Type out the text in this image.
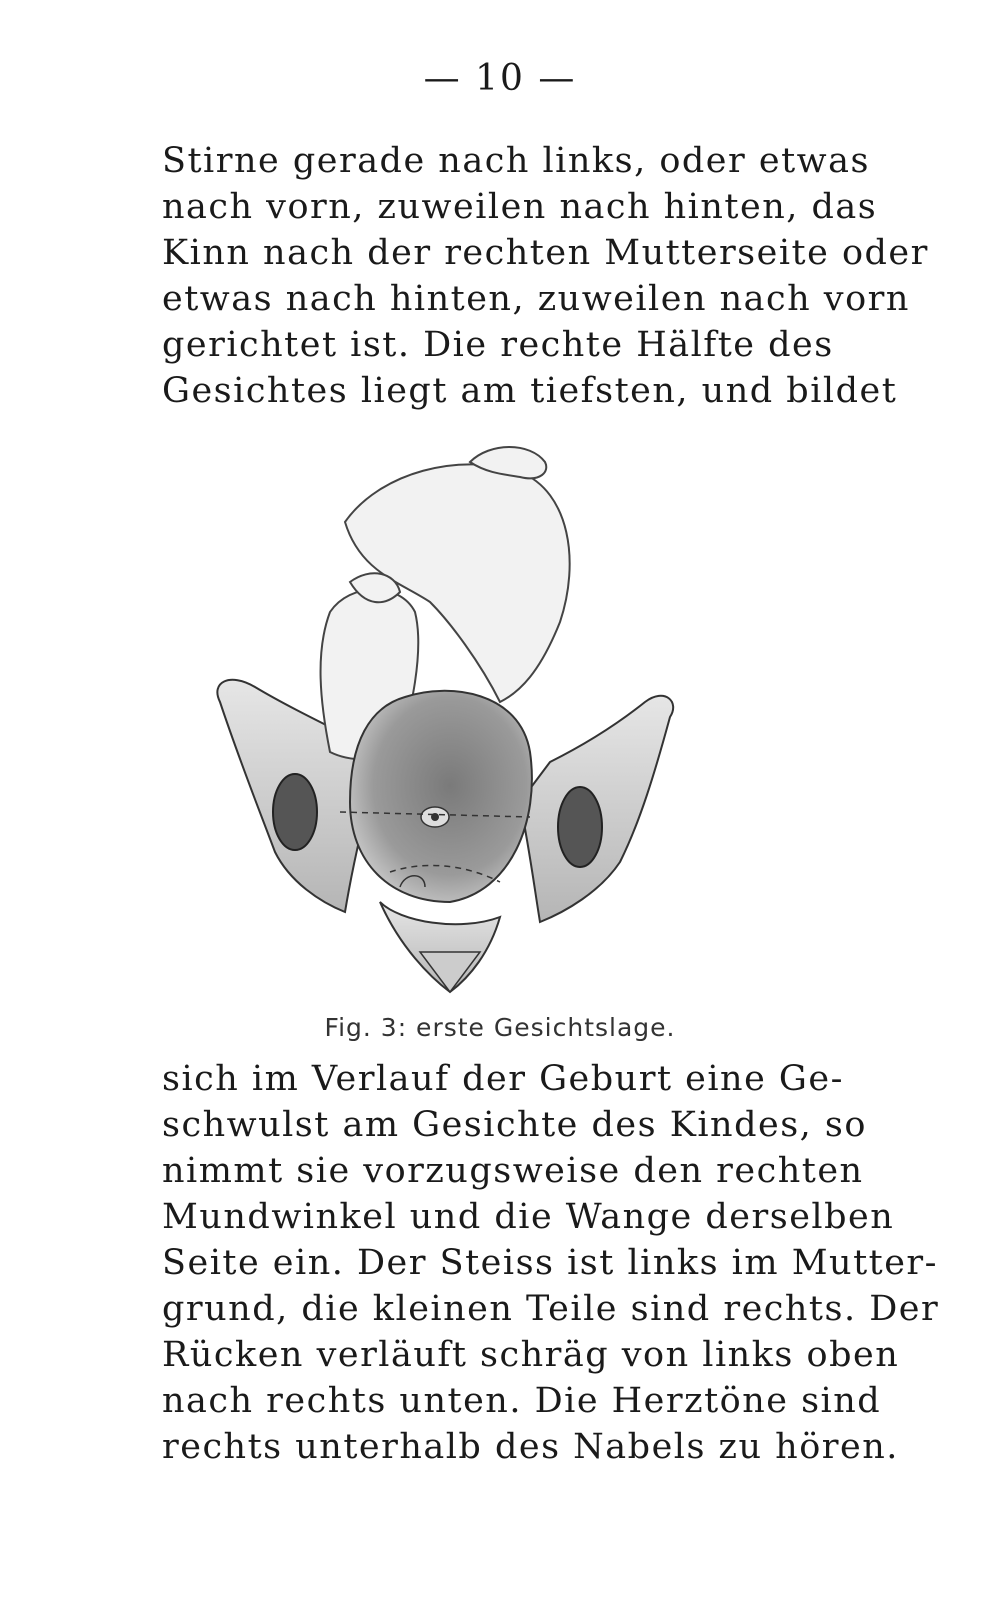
— 10 —

Stirne gerade nach links, oder etwas
nach vorn, zuweilen nach hinten, das
Kinn nach der rechten Mutterseite oder
etwas nach hinten, zuweilen nach vorn
gerichtet ist. Die rechte Hälfte des
Gesichtes liegt am tiefsten, und bildet

Fig. 3: erste Gesichtslage.

sich im Verlauf der Geburt eine Ge-
schwulst am Gesichte des Kindes, so
nimmt sie vorzugsweise den rechten
Mundwinkel und die Wange derselben
Seite ein. Der Steiss ist links im Mutter-
grund, die kleinen Teile sind rechts. Der
Rücken verläuft schräg von links oben
nach rechts unten. Die Herztöne sind
rechts unterhalb des Nabels zu hören.
